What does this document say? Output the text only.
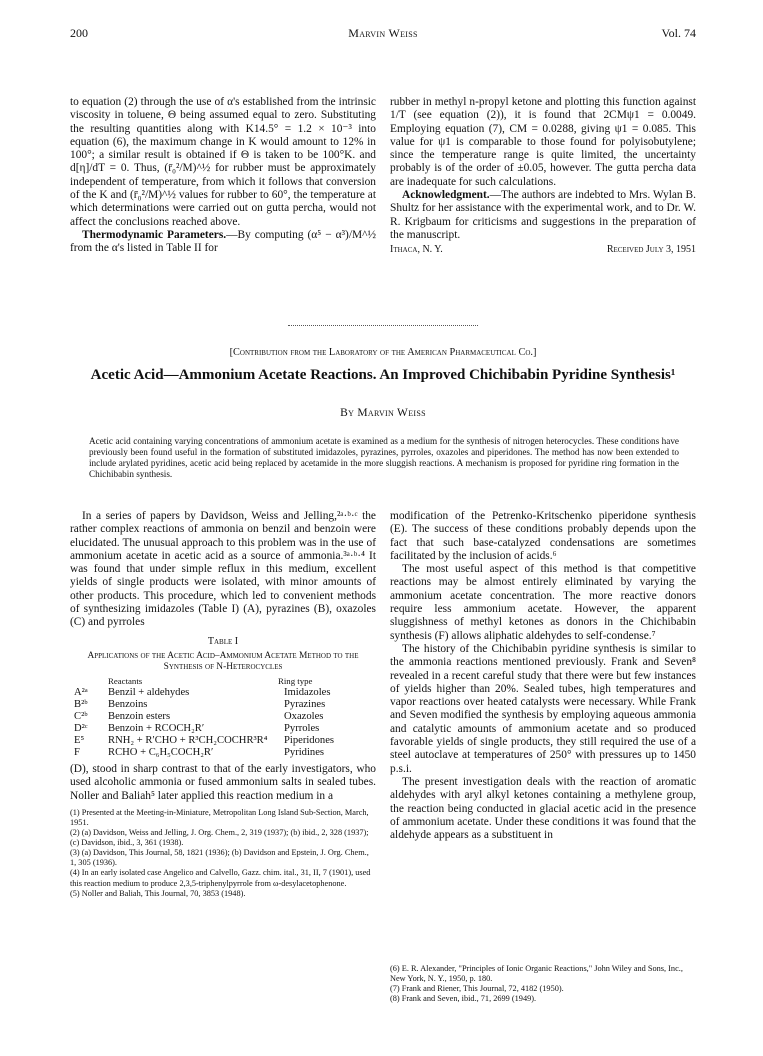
200	Marvin Weiss	Vol. 74

to equation (2) through the use of α's established from the intrinsic viscosity in toluene, Θ being assumed equal to zero. Substituting the resulting quantities along with K14.5° = 1.2 × 10⁻³ into equation (6), the maximum change in K would amount to 12% in 100°; a similar result is obtained if Θ is taken to be 100°K. and d[η]/dT = 0. Thus, (r̄₀²/M)^½ for rubber must be approximately independent of temperature, from which it follows that conversion of the K and (r̄₀²/M)^½ values for rubber to 60°, the temperature at which determinations were carried out on gutta percha, would not affect the conclusions reached above.

Thermodynamic Parameters.—By computing (α⁵ − α³)/M^½ from the α's listed in Table II for

rubber in methyl n-propyl ketone and plotting this function against 1/T (see equation (2)), it is found that 2CMψ1 = 0.0049. Employing equation (7), CM = 0.0288, giving ψ1 = 0.085. This value for ψ1 is comparable to those found for polyisobutylene; since the temperature range is quite limited, the uncertainty probably is of the order of ±0.05, however. The gutta percha data are inadequate for such calculations.

Acknowledgment.—The authors are indebted to Mrs. Wylan B. Shultz for her assistance with the experimental work, and to Dr. W. R. Krigbaum for criticisms and suggestions in the preparation of the manuscript.

Ithaca, N. Y.	Received July 3, 1951
[Contribution from the Laboratory of the American Pharmaceutical Co.]
Acetic Acid—Ammonium Acetate Reactions. An Improved Chichibabin Pyridine Synthesis¹
By Marvin Weiss
Acetic acid containing varying concentrations of ammonium acetate is examined as a medium for the synthesis of nitrogen heterocycles. These conditions have previously been found useful in the formation of substituted imidazoles, pyrazines, pyrroles, oxazoles and piperidones. The method has now been extended to include arylated pyridines, acetic acid being replaced by acetamide in the more sluggish reactions. A mechanism is proposed for pyridine ring formation in the Chichibabin synthesis.

In a series of papers by Davidson, Weiss and Jelling,²ᵃ·ᵇ·ᶜ the rather complex reactions of ammonia on benzil and benzoin were elucidated. The unusual approach to this problem was in the use of ammonium acetate in acetic acid as a source of ammonia.³ᵃ·ᵇ·⁴ It was found that under simple reflux in this medium, excellent yields of single products were isolated, with minor amounts of other products. This procedure, which led to convenient methods of synthesizing imidazoles (Table I) (A), pyrazines (B), oxazoles (C) and pyrroles

Table I
Applications of the Acetic Acid–Ammonium Acetate Method to the Synthesis of N-Heterocycles
	Reactants	Ring type
A²ᵃ	Benzil + aldehydes	Imidazoles
B²ᵇ	Benzoins	Pyrazines
C²ᵇ	Benzoin esters	Oxazoles
D²ᶜ	Benzoin + RCOCH₂R′	Pyrroles
E⁵	RNH₂ + R′CHO + R³CH₂COCHR³R⁴	Piperidones
F	RCHO + C₆H₅COCH₂R′	Pyridines

(D), stood in sharp contrast to that of the early investigators, who used alcoholic ammonia or fused ammonium salts in sealed tubes. Noller and Baliah⁵ later applied this reaction medium in a

(1) Presented at the Meeting-in-Miniature, Metropolitan Long Island Sub-Section, March, 1951.

(2) (a) Davidson, Weiss and Jelling, J. Org. Chem., 2, 319 (1937); (b) ibid., 2, 328 (1937); (c) Davidson, ibid., 3, 361 (1938).

(3) (a) Davidson, This Journal, 58, 1821 (1936); (b) Davidson and Epstein, J. Org. Chem., 1, 305 (1936).

(4) In an early isolated case Angelico and Calvello, Gazz. chim. ital., 31, II, 7 (1901), used this reaction medium to produce 2,3,5-triphenylpyrrole from ω-desylacetophenone.

(5) Noller and Baliah, This Journal, 70, 3853 (1948).

modification of the Petrenko-Kritschenko piperidone synthesis (E). The success of these conditions probably depends upon the fact that such base-catalyzed condensations are sometimes facilitated by the inclusion of acids.⁶

The most useful aspect of this method is that competitive reactions may be almost entirely eliminated by varying the ammonium acetate concentration. The more reactive donors require less ammonium acetate. However, the apparent sluggishness of methyl ketones as donors in the Chichibabin synthesis (F) allows aliphatic aldehydes to self-condense.⁷

The history of the Chichibabin pyridine synthesis is similar to the ammonia reactions mentioned previously. Frank and Seven⁸ revealed in a recent careful study that there were but few instances of yields higher than 20%. Sealed tubes, high temperatures and vapor reactions over heated catalysts were necessary. While Frank and Seven modified the synthesis by employing aqueous ammonia and catalytic amounts of ammonium acetate and so produced favorable yields of single products, they still required the use of a steel autoclave at temperatures of 250° with pressures up to 1450 p.s.i.

The present investigation deals with the reaction of aromatic aldehydes with aryl alkyl ketones containing a methylene group, the reaction being conducted in glacial acetic acid in the presence of ammonium acetate. Under these conditions it was found that the aldehyde appears as a substituent in

(6) E. R. Alexander, "Principles of Ionic Organic Reactions," John Wiley and Sons, Inc., New York, N. Y., 1950, p. 180.

(7) Frank and Riener, This Journal, 72, 4182 (1950).

(8) Frank and Seven, ibid., 71, 2699 (1949).
